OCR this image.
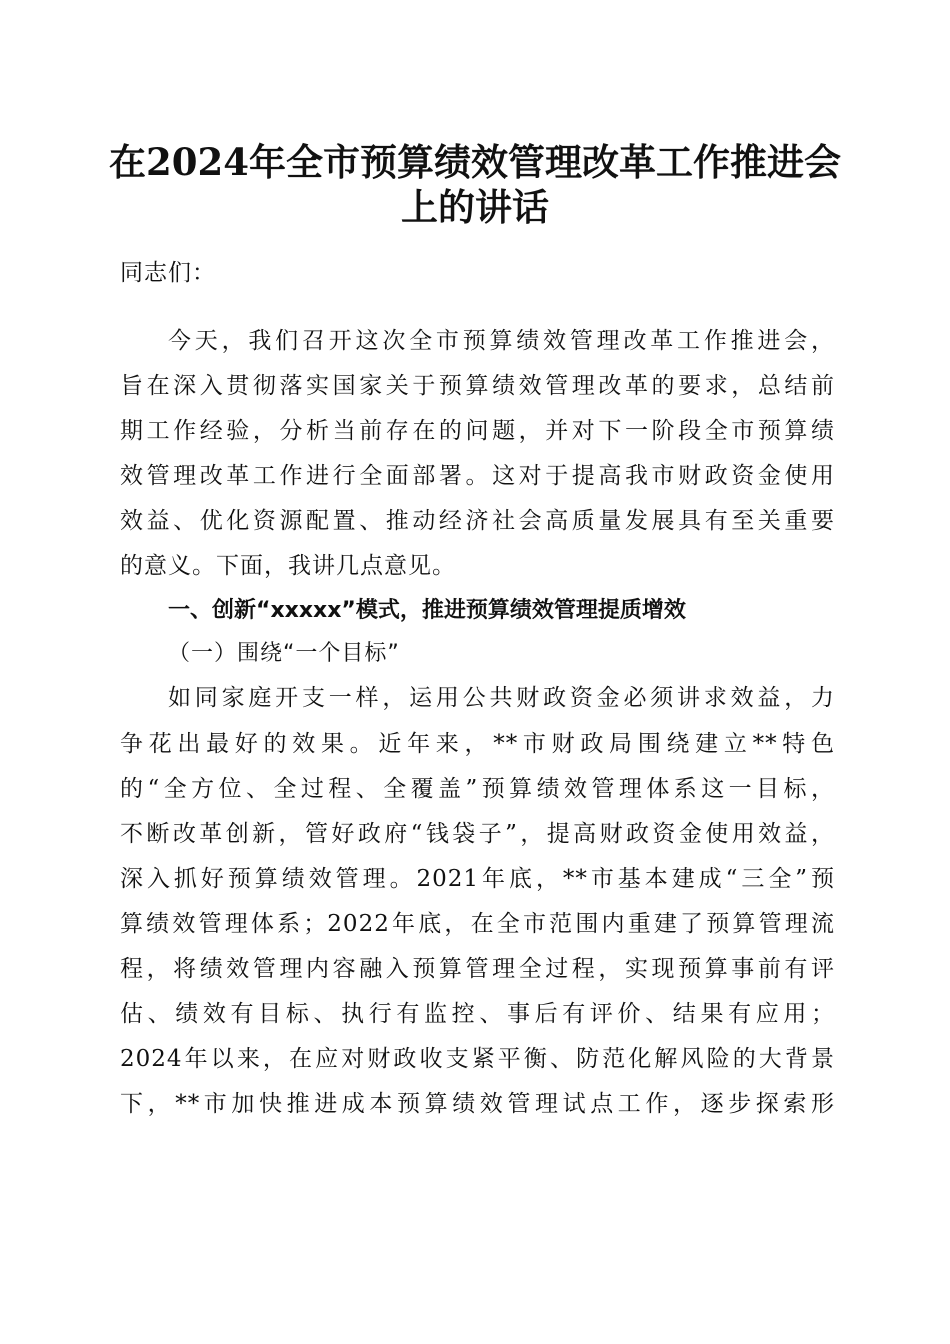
在2024年全市预算绩效管理改革工作推进会
上的讲话
同志们：
今天，我们召开这次全市预算绩效管理改革工作推进会，
旨在深入贯彻落实国家关于预算绩效管理改革的要求，总结前
期工作经验，分析当前存在的问题，并对下一阶段全市预算绩
效管理改革工作进行全面部署。这对于提高我市财政资金使用
效益、优化资源配置、推动经济社会高质量发展具有至关重要
的意义。下面，我讲几点意见。
一、创新“xxxxx”模式，推进预算绩效管理提质增效
（一）围绕“一个目标”
如同家庭开支一样，运用公共财政资金必须讲求效益，力
争花出最好的效果。近年来，**市财政局围绕建立**特色
的“全方位、全过程、全覆盖”预算绩效管理体系这一目标，
不断改革创新，管好政府“钱袋子”，提高财政资金使用效益，
深入抓好预算绩效管理。2021年底，**市基本建成“三全”预
算绩效管理体系；2022年底，在全市范围内重建了预算管理流
程，将绩效管理内容融入预算管理全过程，实现预算事前有评
估、绩效有目标、执行有监控、事后有评价、结果有应用；
2024年以来，在应对财政收支紧平衡、防范化解风险的大背景
下，**市加快推进成本预算绩效管理试点工作，逐步探索形
